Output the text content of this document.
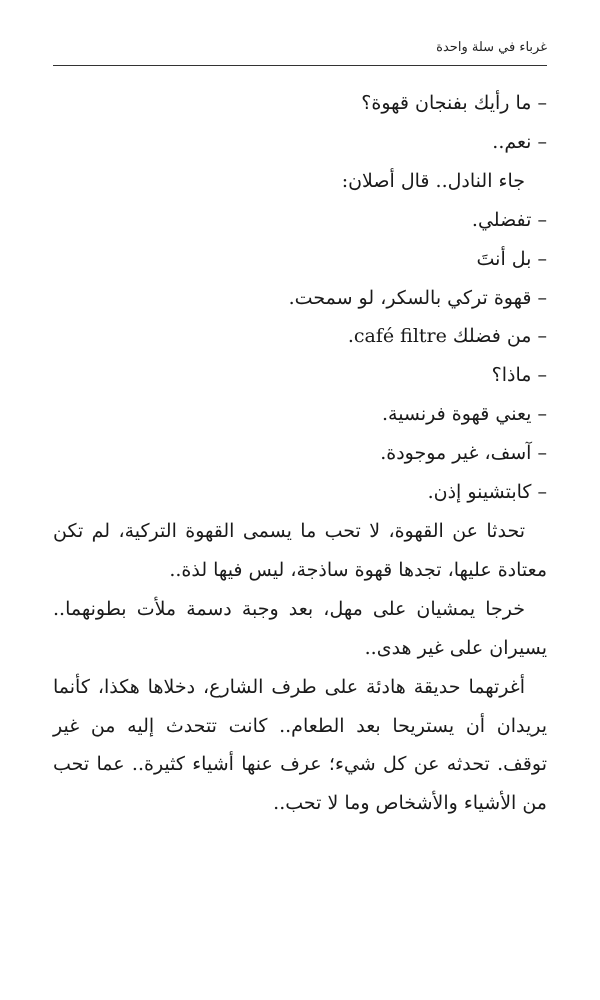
غرباء في سلة واحدة
– ما رأيك بفنجان قهوة؟
– نعم..
جاء النادل.. قال أصلان:
– تفضلي.
– بل أنتَ
– قهوة تركي بالسكر، لو سمحت.
– من فضلك café filtre.
– ماذا؟
– يعني قهوة فرنسية.
– آسف، غير موجودة.
– كابتشينو إذن.

تحدثا عن القهوة، لا تحب ما يسمى القهوة التركية، لم تكن معتادة عليها، تجدها قهوة ساذجة، ليس فيها لذة..

خرجا يمشيان على مهل، بعد وجبة دسمة ملأت بطونهما.. يسيران على غير هدى..

أغرتهما حديقة هادئة على طرف الشارع، دخلاها هكذا، كأنما يريدان أن يستريحا بعد الطعام.. كانت تتحدث إليه من غير توقف. تحدثه عن كل شيء؛ عرف عنها أشياء كثيرة.. عما تحب من الأشياء والأشخاص وما لا تحب..
